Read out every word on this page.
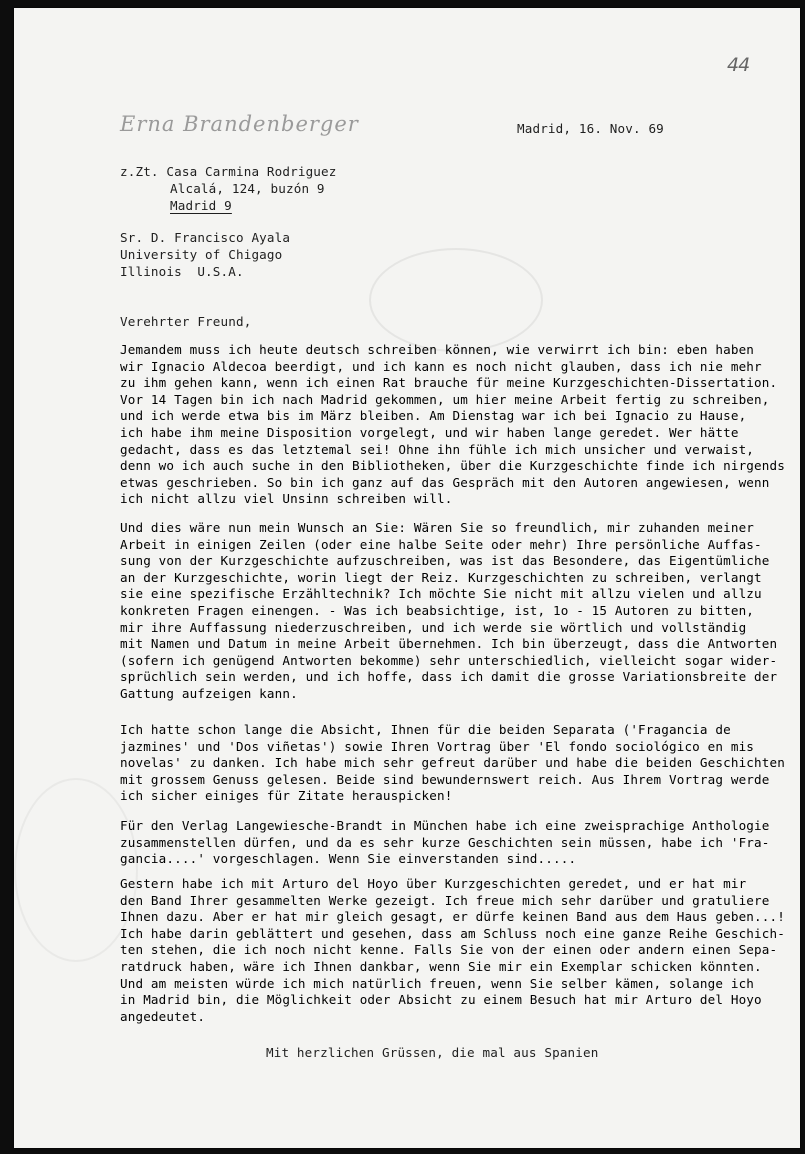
44
Erna Brandenberger	Madrid, 16. Nov. 69
z.Zt. Casa Carmina Rodriguez
Alcalá, 124, buzón 9
Madrid 9
Sr. D. Francisco Ayala
University of Chigago
Illinois  U.S.A.
Verehrter Freund,
Jemandem muss ich heute deutsch schreiben können, wie verwirrt ich bin: eben haben
wir Ignacio Aldecoa beerdigt, und ich kann es noch nicht glauben, dass ich nie mehr
zu ihm gehen kann, wenn ich einen Rat brauche für meine Kurzgeschichten-Dissertation.
Vor 14 Tagen bin ich nach Madrid gekommen, um hier meine Arbeit fertig zu schreiben,
und ich werde etwa bis im März bleiben. Am Dienstag war ich bei Ignacio zu Hause,
ich habe ihm meine Disposition vorgelegt, und wir haben lange geredet. Wer hätte
gedacht, dass es das letztemal sei! Ohne ihn fühle ich mich unsicher und verwaist,
denn wo ich auch suche in den Bibliotheken, über die Kurzgeschichte finde ich nirgends
etwas geschrieben. So bin ich ganz auf das Gespräch mit den Autoren angewiesen, wenn
ich nicht allzu viel Unsinn schreiben will.
Und dies wäre nun mein Wunsch an Sie: Wären Sie so freundlich, mir zuhanden meiner
Arbeit in einigen Zeilen (oder eine halbe Seite oder mehr) Ihre persönliche Auffas-
sung von der Kurzgeschichte aufzuschreiben, was ist das Besondere, das Eigentümliche
an der Kurzgeschichte, worin liegt der Reiz. Kurzgeschichten zu schreiben, verlangt
sie eine spezifische Erzähltechnik? Ich möchte Sie nicht mit allzu vielen und allzu
konkreten Fragen einengen. - Was ich beabsichtige, ist, 1o - 15 Autoren zu bitten,
mir ihre Auffassung niederzuschreiben, und ich werde sie wörtlich und vollständig
mit Namen und Datum in meine Arbeit übernehmen. Ich bin überzeugt, dass die Antworten
(sofern ich genügend Antworten bekomme) sehr unterschiedlich, vielleicht sogar wider-
sprüchlich sein werden, und ich hoffe, dass ich damit die grosse Variationsbreite der
Gattung aufzeigen kann.
Ich hatte schon lange die Absicht, Ihnen für die beiden Separata ('Fragancia de
jazmines' und 'Dos viñetas') sowie Ihren Vortrag über 'El fondo sociológico en mis
novelas' zu danken. Ich habe mich sehr gefreut darüber und habe die beiden Geschichten
mit grossem Genuss gelesen. Beide sind bewundernswert reich. Aus Ihrem Vortrag werde
ich sicher einiges für Zitate herauspicken!
Für den Verlag Langewiesche-Brandt in München habe ich eine zweisprachige Anthologie
zusammenstellen dürfen, und da es sehr kurze Geschichten sein müssen, habe ich 'Fra-
gancia....' vorgeschlagen. Wenn Sie einverstanden sind.....
Gestern habe ich mit Arturo del Hoyo über Kurzgeschichten geredet, und er hat mir
den Band Ihrer gesammelten Werke gezeigt. Ich freue mich sehr darüber und gratuliere
Ihnen dazu. Aber er hat mir gleich gesagt, er dürfe keinen Band aus dem Haus geben...!
Ich habe darin geblättert und gesehen, dass am Schluss noch eine ganze Reihe Geschich-
ten stehen, die ich noch nicht kenne. Falls Sie von der einen oder andern einen Sepa-
ratdruck haben, wäre ich Ihnen dankbar, wenn Sie mir ein Exemplar schicken könnten.
Und am meisten würde ich mich natürlich freuen, wenn Sie selber kämen, solange ich
in Madrid bin, die Möglichkeit oder Absicht zu einem Besuch hat mir Arturo del Hoyo
angedeutet.
Mit herzlichen Grüssen, die mal aus Spanien
